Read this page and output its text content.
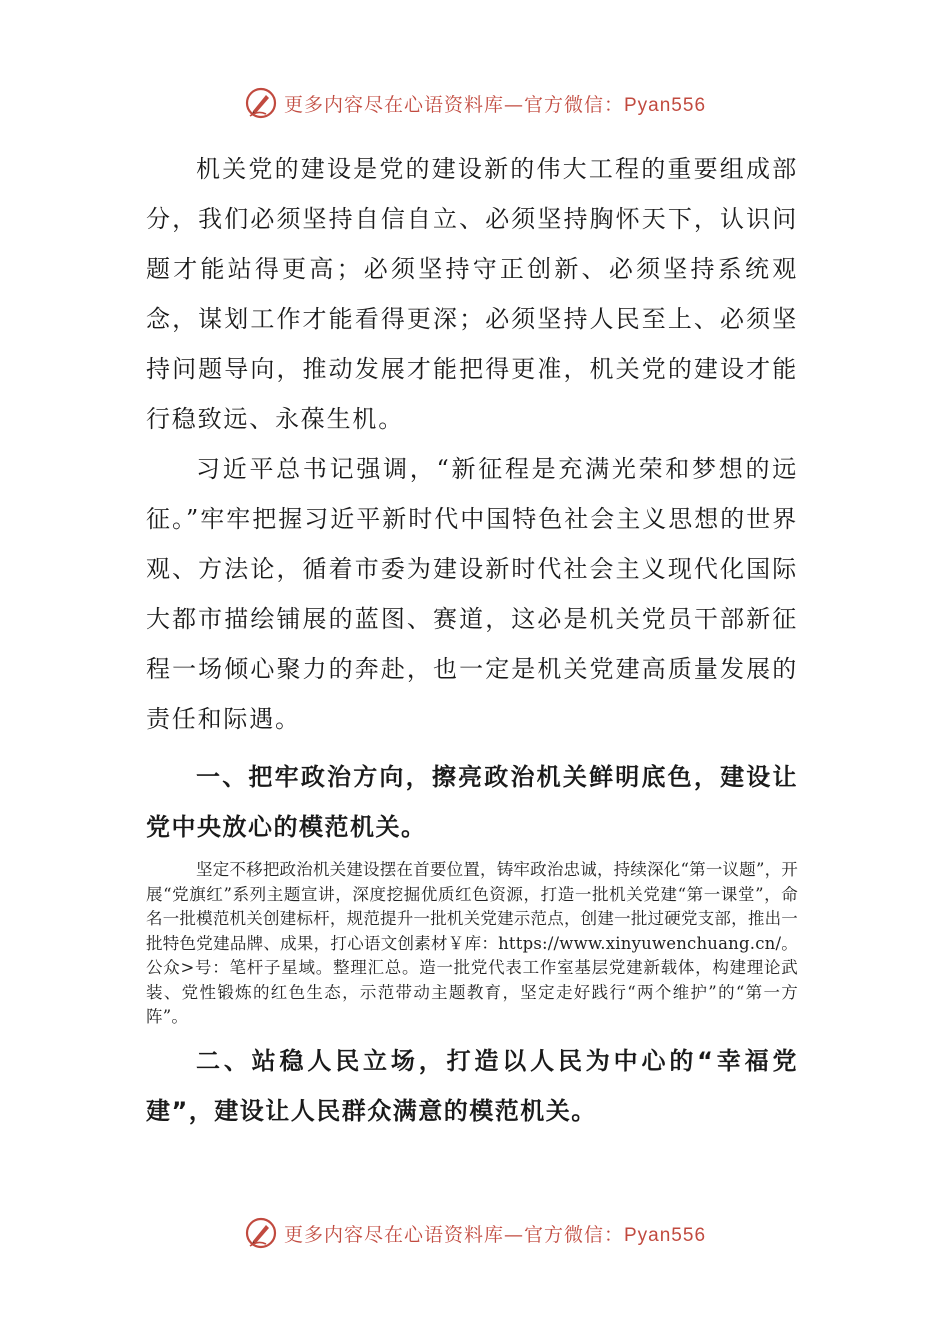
更多内容尽在心语资料库—官方微信：Pyan556

机关党的建设是党的建设新的伟大工程的重要组成部分，我们必须坚持自信自立、必须坚持胸怀天下，认识问题才能站得更高；必须坚持守正创新、必须坚持系统观念，谋划工作才能看得更深；必须坚持人民至上、必须坚持问题导向，推动发展才能把得更准，机关党的建设才能行稳致远、永葆生机。

习近平总书记强调，“新征程是充满光荣和梦想的远征。”牢牢把握习近平新时代中国特色社会主义思想的世界观、方法论，循着市委为建设新时代社会主义现代化国际大都市描绘铺展的蓝图、赛道，这必是机关党员干部新征程一场倾心聚力的奔赴，也一定是机关党建高质量发展的责任和际遇。

一、把牢政治方向，擦亮政治机关鲜明底色，建设让党中央放心的模范机关。

坚定不移把政治机关建设摆在首要位置，铸牢政治忠诚，持续深化“第一议题”，开展“党旗红”系列主题宣讲，深度挖掘优质红色资源，打造一批机关党建“第一课堂”，命名一批模范机关创建标杆，规范提升一批机关党建示范点，创建一批过硬党支部，推出一批特色党建品牌、成果，打心语文创素材￥库：https://www.xinyuwenchuang.cn/。公众>号：笔杆子星域。整理汇总。造一批党代表工作室基层党建新载体，构建理论武装、党性锻炼的红色生态，示范带动主题教育，坚定走好践行“两个维护”的“第一方阵”。

二、站稳人民立场，打造以人民为中心的“幸福党建”，建设让人民群众满意的模范机关。

更多内容尽在心语资料库—官方微信：Pyan556
